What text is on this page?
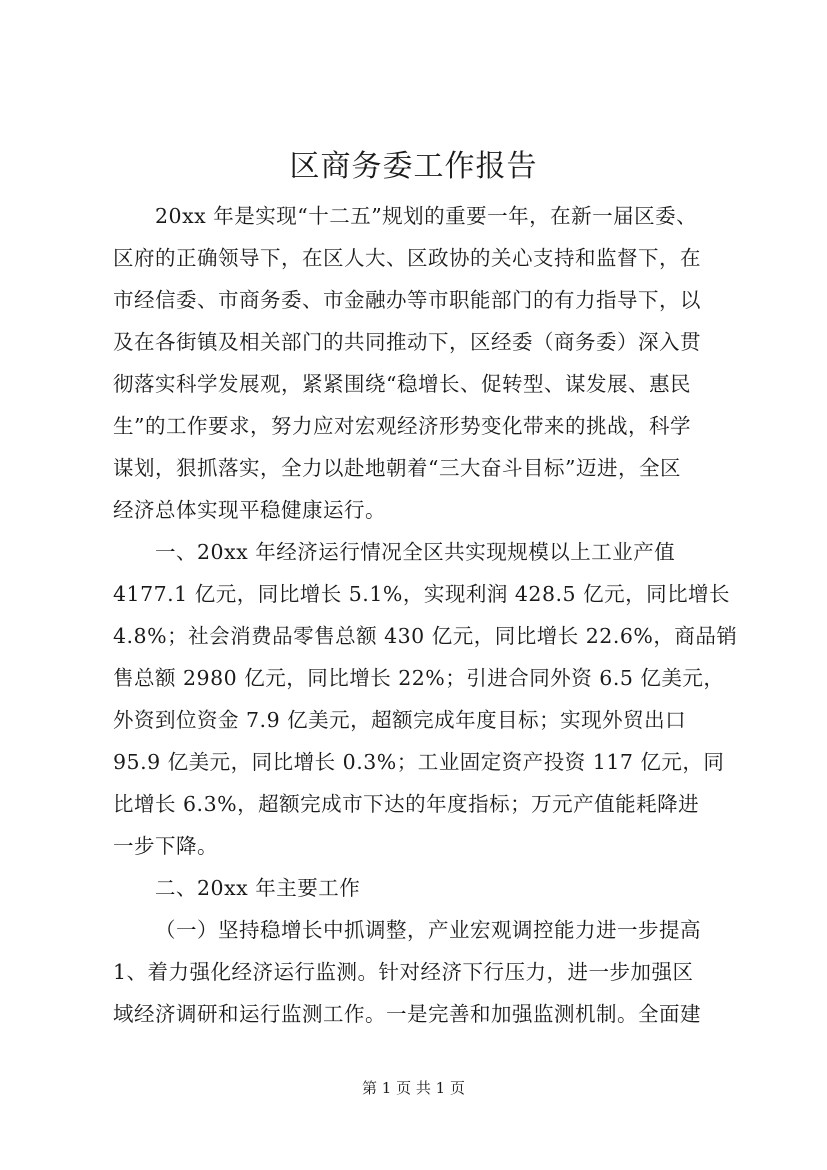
区商务委工作报告
20xx 年是实现“十二五”规划的重要一年，在新一届区委、
区府的正确领导下，在区人大、区政协的关心支持和监督下，在
市经信委、市商务委、市金融办等市职能部门的有力指导下，以
及在各街镇及相关部门的共同推动下，区经委（商务委）深入贯
彻落实科学发展观，紧紧围绕“稳增长、促转型、谋发展、惠民
生”的工作要求，努力应对宏观经济形势变化带来的挑战，科学
谋划，狠抓落实，全力以赴地朝着“三大奋斗目标”迈进，全区
经济总体实现平稳健康运行。
一、20xx 年经济运行情况全区共实现规模以上工业产值
4177.1 亿元，同比增长 5.1%，实现利润 428.5 亿元，同比增长
4.8%；社会消费品零售总额 430 亿元，同比增长 22.6%，商品销
售总额 2980 亿元，同比增长 22%；引进合同外资 6.5 亿美元，
外资到位资金 7.9 亿美元，超额完成年度目标；实现外贸出口
95.9 亿美元，同比增长 0.3%；工业固定资产投资 117 亿元，同
比增长 6.3%，超额完成市下达的年度指标；万元产值能耗降进
一步下降。
二、20xx 年主要工作
（一）坚持稳增长中抓调整，产业宏观调控能力进一步提高
1、着力强化经济运行监测。针对经济下行压力，进一步加强区
域经济调研和运行监测工作。一是完善和加强监测机制。全面建
第 1 页 共 1 页
